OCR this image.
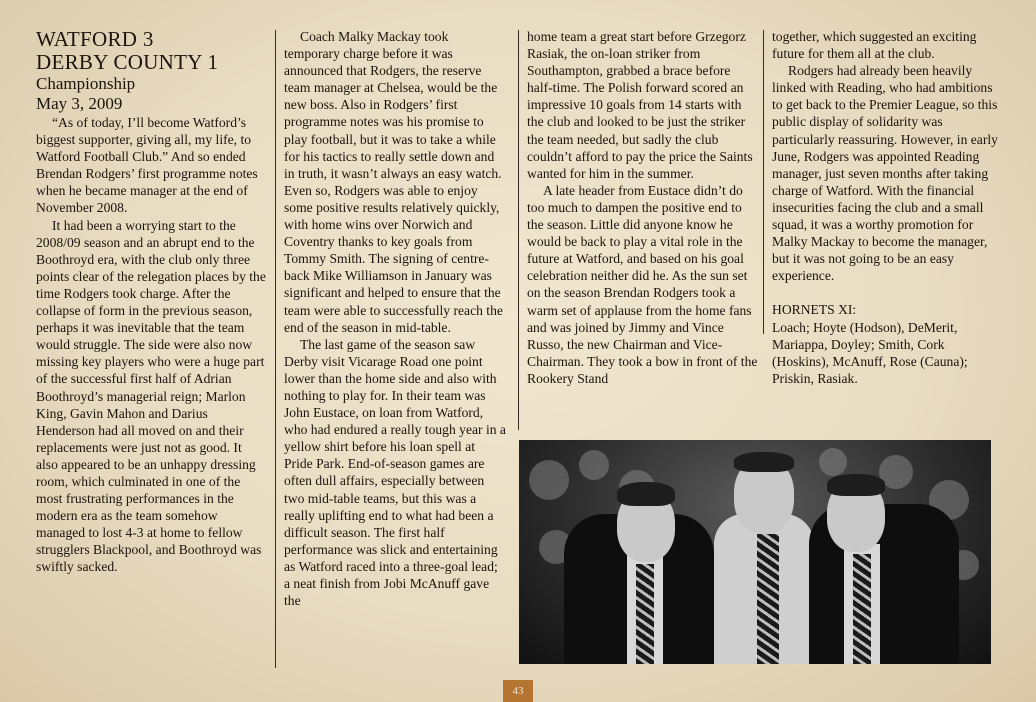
WATFORD 3

DERBY COUNTY 1

Championship

May 3, 2009

“As of today, I’ll become Watford’s biggest supporter, giving all, my life, to Watford Football Club.” And so ended Brendan Rodgers’ first programme notes when he became manager at the end of November 2008.

It had been a worrying start to the 2008/09 season and an abrupt end to the Boothroyd era, with the club only three points clear of the relegation places by the time Rodgers took charge. After the collapse of form in the previous season, perhaps it was inevitable that the team would struggle. The side were also now missing key players who were a huge part of the successful first half of Adrian Boothroyd’s managerial reign; Marlon King, Gavin Mahon and Darius Henderson had all moved on and their replacements were just not as good. It also appeared to be an unhappy dressing room, which culminated in one of the most frustrating performances in the modern era as the team somehow managed to lost 4-3 at home to fellow strugglers Blackpool, and Boothroyd was swiftly sacked.

Coach Malky Mackay took temporary charge before it was announced that Rodgers, the reserve team manager at Chelsea, would be the new boss. Also in Rodgers’ first programme notes was his promise to play football, but it was to take a while for his tactics to really settle down and in truth, it wasn’t always an easy watch. Even so, Rodgers was able to enjoy some positive results relatively quickly, with home wins over Norwich and Coventry thanks to key goals from Tommy Smith. The signing of centre-back Mike Williamson in January was significant and helped to ensure that the team were able to successfully reach the end of the season in mid-table.

The last game of the season saw Derby visit Vicarage Road one point lower than the home side and also with nothing to play for. In their team was John Eustace, on loan from Watford, who had endured a really tough year in a yellow shirt before his loan spell at Pride Park. End-of-season games are often dull affairs, especially between two mid-table teams, but this was a really uplifting end to what had been a difficult season. The first half performance was slick and entertaining as Watford raced into a three-goal lead; a neat finish from Jobi McAnuff gave the

home team a great start before Grzegorz Rasiak, the on-loan striker from Southampton, grabbed a brace before half-time. The Polish forward scored an impressive 10 goals from 14 starts with the club and looked to be just the striker the team needed, but sadly the club couldn’t afford to pay the price the Saints wanted for him in the summer.

A late header from Eustace didn’t do too much to dampen the positive end to the season. Little did anyone know he would be back to play a vital role in the future at Watford, and based on his goal celebration neither did he. As the sun set on the season Brendan Rodgers took a warm set of applause from the home fans and was joined by Jimmy and Vince Russo, the new Chairman and Vice-Chairman. They took a bow in front of the Rookery Stand

together, which suggested an exciting future for them all at the club.

Rodgers had already been heavily linked with Reading, who had ambitions to get back to the Premier League, so this public display of solidarity was particularly reassuring. However, in early June, Rodgers was appointed Reading manager, just seven months after taking charge of Watford. With the financial insecurities facing the club and a small squad, it was a worthy promotion for Malky Mackay to become the manager, but it was not going to be an easy experience.

HORNETS XI:

Loach; Hoyte (Hodson), DeMerit, Mariappa, Doyley; Smith, Cork (Hoskins), McAnuff, Rose (Cauna); Priskin, Rasiak.

43
